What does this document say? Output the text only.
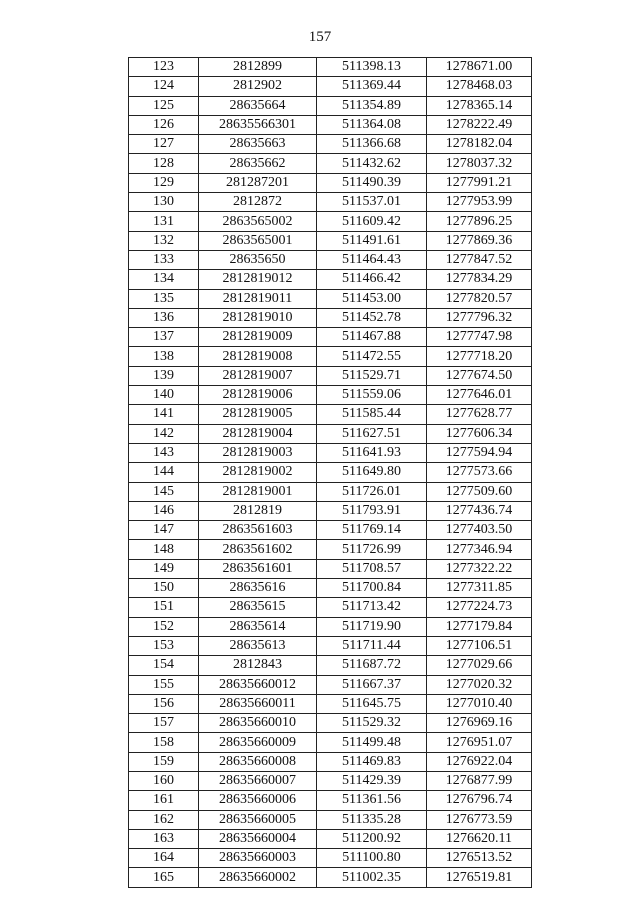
157
123	2812899	511398.13	1278671.00
124	2812902	511369.44	1278468.03
125	28635664	511354.89	1278365.14
126	28635566301	511364.08	1278222.49
127	28635663	511366.68	1278182.04
128	28635662	511432.62	1278037.32
129	281287201	511490.39	1277991.21
130	2812872	511537.01	1277953.99
131	2863565002	511609.42	1277896.25
132	2863565001	511491.61	1277869.36
133	28635650	511464.43	1277847.52
134	2812819012	511466.42	1277834.29
135	2812819011	511453.00	1277820.57
136	2812819010	511452.78	1277796.32
137	2812819009	511467.88	1277747.98
138	2812819008	511472.55	1277718.20
139	2812819007	511529.71	1277674.50
140	2812819006	511559.06	1277646.01
141	2812819005	511585.44	1277628.77
142	2812819004	511627.51	1277606.34
143	2812819003	511641.93	1277594.94
144	2812819002	511649.80	1277573.66
145	2812819001	511726.01	1277509.60
146	2812819	511793.91	1277436.74
147	2863561603	511769.14	1277403.50
148	2863561602	511726.99	1277346.94
149	2863561601	511708.57	1277322.22
150	28635616	511700.84	1277311.85
151	28635615	511713.42	1277224.73
152	28635614	511719.90	1277179.84
153	28635613	511711.44	1277106.51
154	2812843	511687.72	1277029.66
155	28635660012	511667.37	1277020.32
156	28635660011	511645.75	1277010.40
157	28635660010	511529.32	1276969.16
158	28635660009	511499.48	1276951.07
159	28635660008	511469.83	1276922.04
160	28635660007	511429.39	1276877.99
161	28635660006	511361.56	1276796.74
162	28635660005	511335.28	1276773.59
163	28635660004	511200.92	1276620.11
164	28635660003	511100.80	1276513.52
165	28635660002	511002.35	1276519.81
